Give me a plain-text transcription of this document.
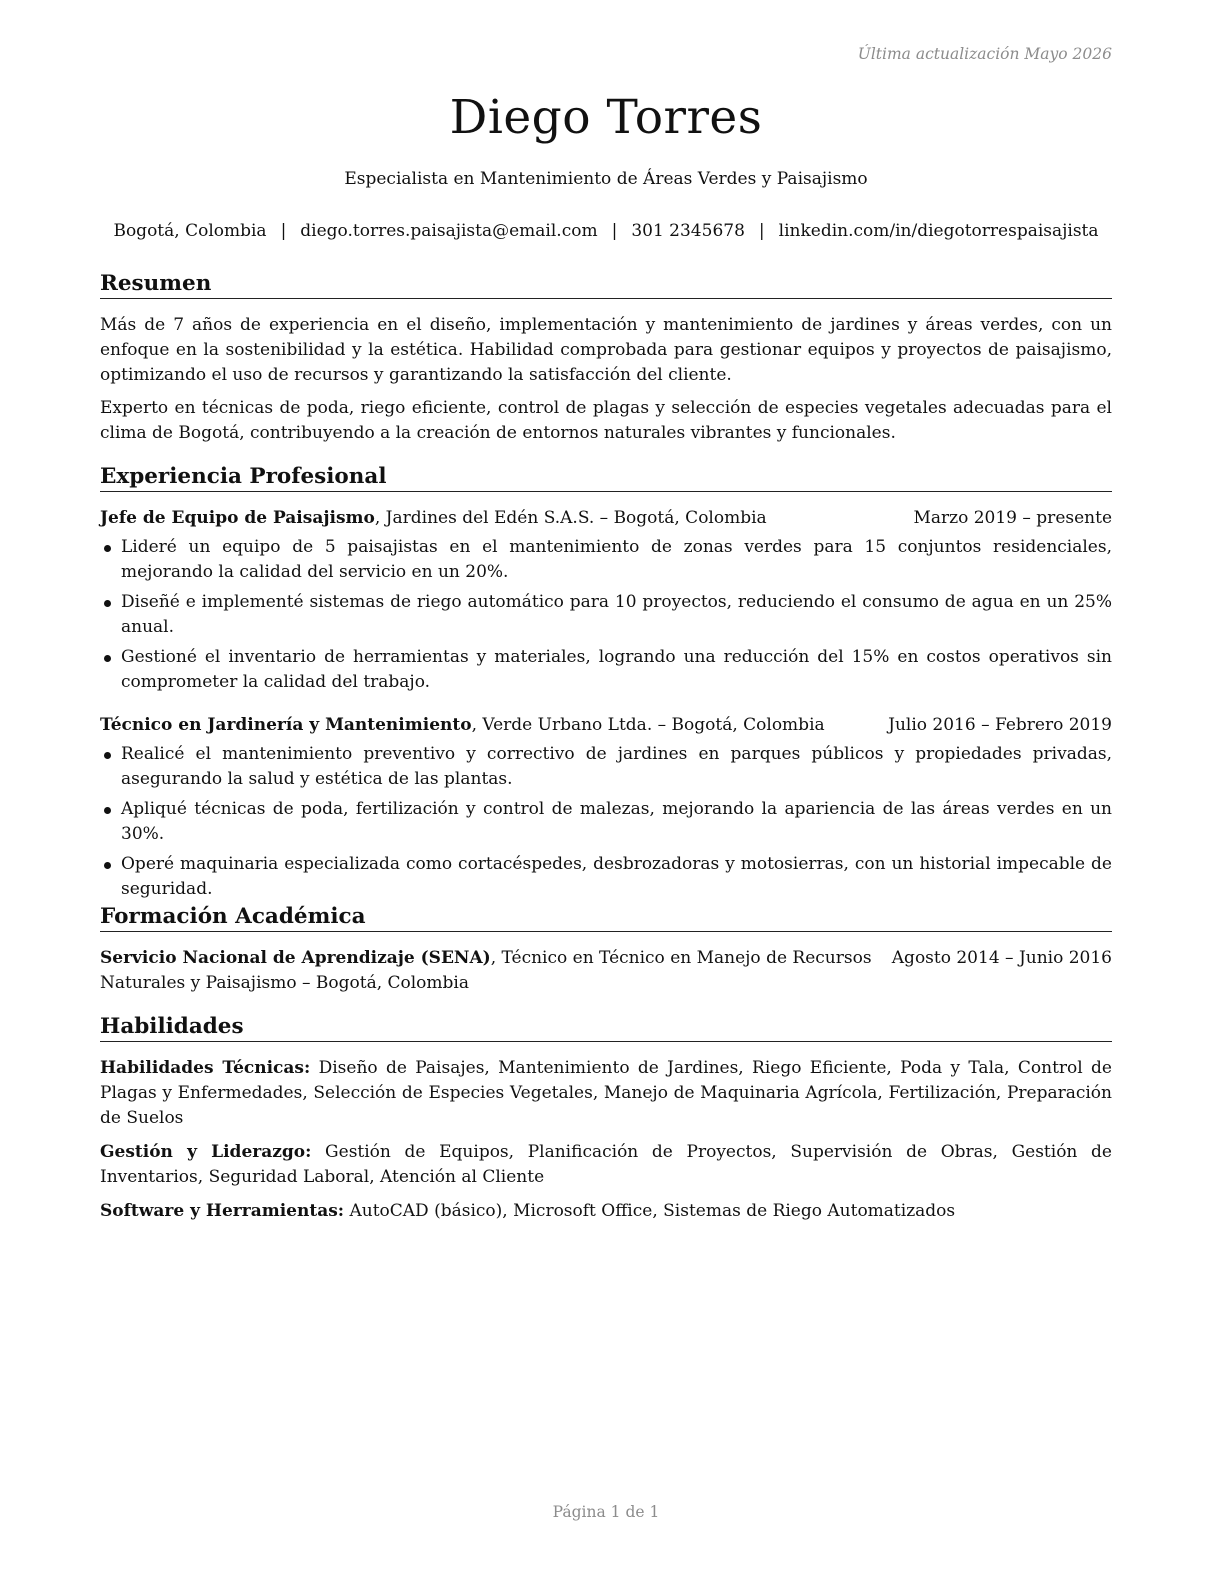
Última actualización Mayo 2026
Diego Torres
Especialista en Mantenimiento de Áreas Verdes y Paisajismo
Bogotá, Colombia | diego.torres.paisajista@email.com | 301 2345678 | linkedin.com/in/diegotorrespaisajista
Resumen

Más de 7 años de experiencia en el diseño, implementación y mantenimiento de jardines y áreas verdes, con un enfoque en la sostenibilidad y la estética. Habilidad comprobada para gestionar equipos y proyectos de paisajismo, optimizando el uso de recursos y garantizando la satisfacción del cliente.

Experto en técnicas de poda, riego eficiente, control de plagas y selección de especies vegetales adecuadas para el clima de Bogotá, contribuyendo a la creación de entornos naturales vibrantes y funcionales.

Experiencia Profesional
Jefe de Equipo de Paisajismo, Jardines del Edén S.A.S. – Bogotá, Colombia	Marzo 2019 – presente
Lideré un equipo de 5 paisajistas en el mantenimiento de zonas verdes para 15 conjuntos residenciales, mejorando la calidad del servicio en un 20%.
Diseñé e implementé sistemas de riego automático para 10 proyectos, reduciendo el consumo de agua en un 25% anual.
Gestioné el inventario de herramientas y materiales, logrando una reducción del 15% en costos operativos sin comprometer la calidad del trabajo.
Técnico en Jardinería y Mantenimiento, Verde Urbano Ltda. – Bogotá, Colombia	Julio 2016 – Febrero 2019
Realicé el mantenimiento preventivo y correctivo de jardines en parques públicos y propiedades privadas, asegurando la salud y estética de las plantas.
Apliqué técnicas de poda, fertilización y control de malezas, mejorando la apariencia de las áreas verdes en un 30%.
Operé maquinaria especializada como cortacéspedes, desbrozadoras y motosierras, con un historial impecable de seguridad.
Formación Académica
Servicio Nacional de Aprendizaje (SENA), Técnico en Técnico en Manejo de Recursos Agosto 2014 – Junio 2016
Naturales y Paisajismo – Bogotá, Colombia
Habilidades

Habilidades Técnicas: Diseño de Paisajes, Mantenimiento de Jardines, Riego Eficiente, Poda y Tala, Control de Plagas y Enfermedades, Selección de Especies Vegetales, Manejo de Maquinaria Agrícola, Fertilización, Preparación de Suelos

Gestión y Liderazgo: Gestión de Equipos, Planificación de Proyectos, Supervisión de Obras, Gestión de Inventarios, Seguridad Laboral, Atención al Cliente

Software y Herramientas: AutoCAD (básico), Microsoft Office, Sistemas de Riego Automatizados

Página 1 de 1
